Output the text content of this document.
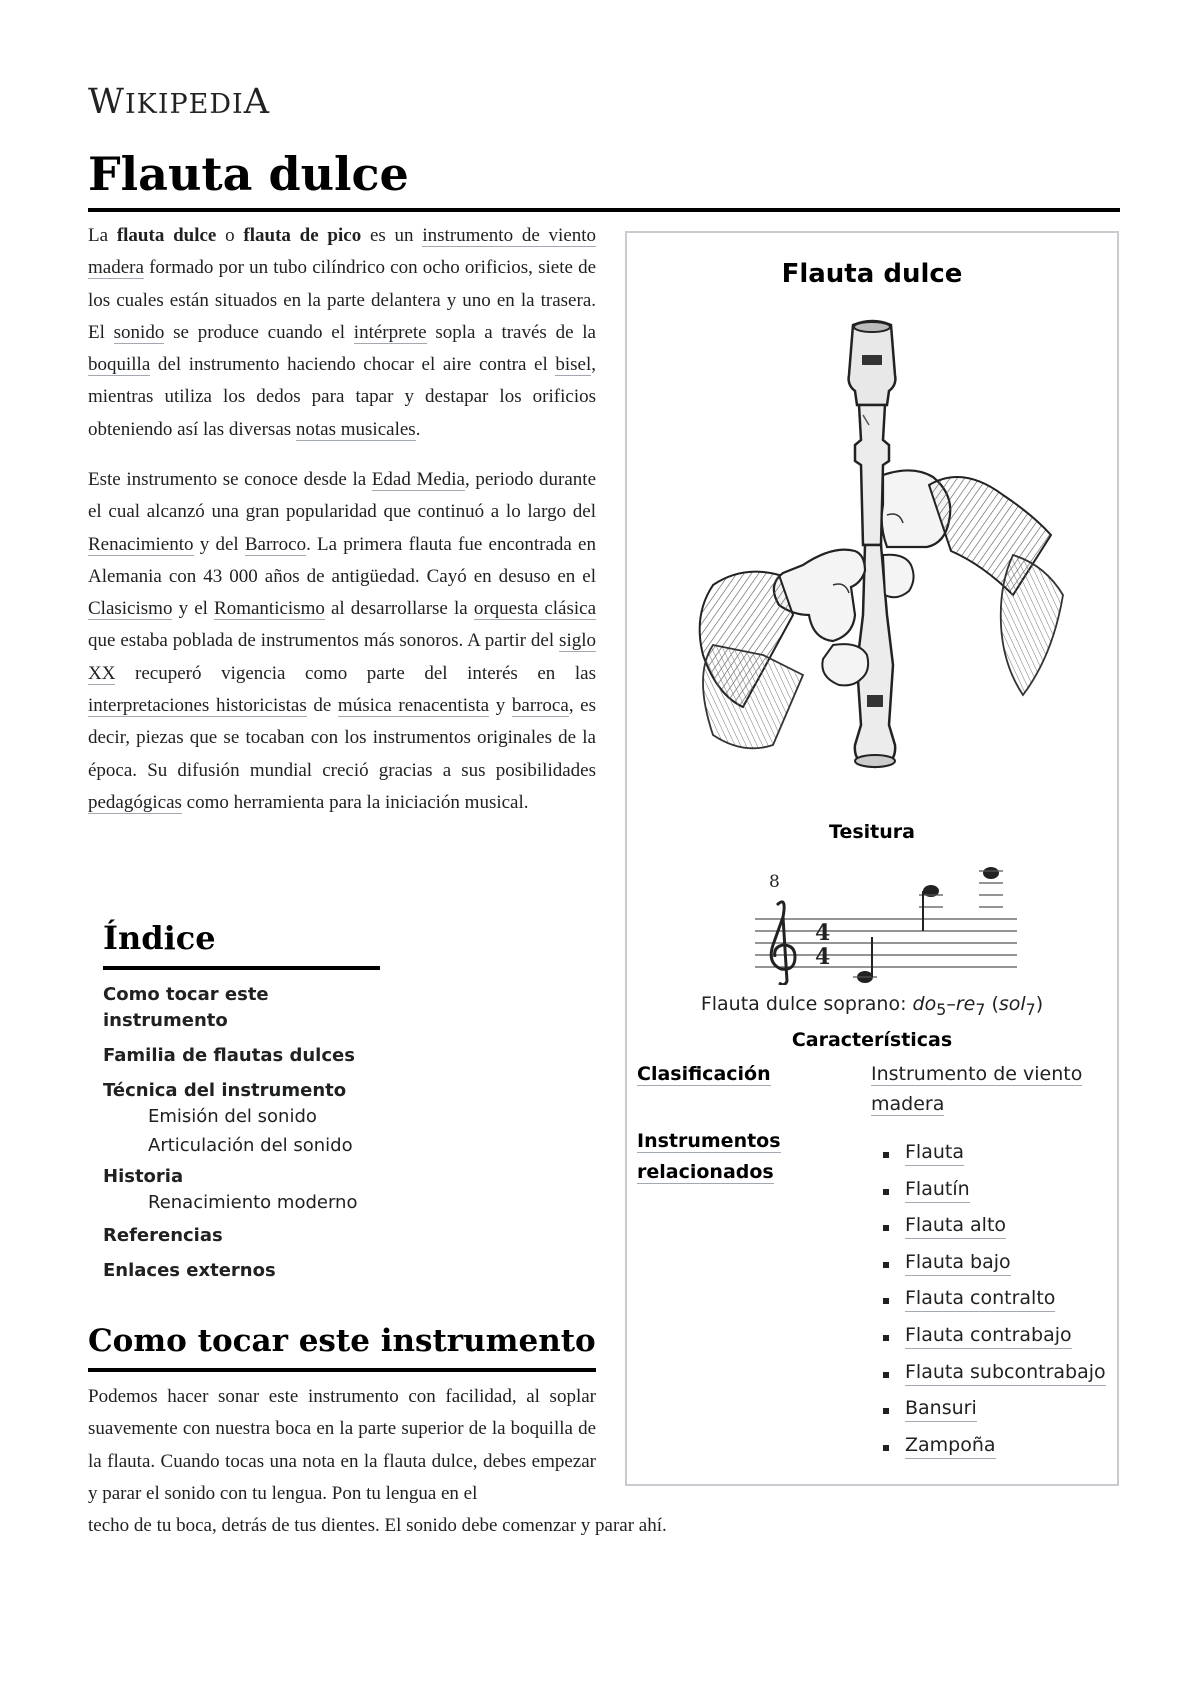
WIKIPEDIA
Flauta dulce

La flauta dulce o flauta de pico es un instrumento de viento madera formado por un tubo cilíndrico con ocho orificios, siete de los cuales están situados en la parte delantera y uno en la trasera. El sonido se produce cuando el intérprete sopla a través de la boquilla del instrumento haciendo chocar el aire contra el bisel, mientras utiliza los dedos para tapar y destapar los orificios obteniendo así las diversas notas musicales.

Este instrumento se conoce desde la Edad Media, periodo durante el cual alcanzó una gran popularidad que continuó a lo largo del Renacimiento y del Barroco. La primera flauta fue encontrada en Alemania con 43 000 años de antigüedad. Cayó en desuso en el Clasicismo y el Romanticismo al desarrollarse la orquesta clásica que estaba poblada de instrumentos más sonoros. A partir del siglo XX recuperó vigencia como parte del interés en las interpretaciones historicistas de música renacentista y barroca, es decir, piezas que se tocaban con los instrumentos originales de la época. Su difusión mundial creció gracias a sus posibilidades pedagógicas como herramienta para la iniciación musical.

Índice
Como tocar este instrumento
Familia de flautas dulces
Técnica del instrumento
Emisión del sonido
Articulación del sonido
Historia
Renacimiento moderno
Referencias
Enlaces externos
Como tocar este instrumento

Podemos hacer sonar este instrumento con facilidad, al soplar suavemente con nuestra boca en la parte superior de la boquilla de la flauta. Cuando tocas una nota en la flauta dulce, debes empezar y parar el sonido con tu lengua. Pon tu lengua en el
techo de tu boca, detrás de tus dientes. El sonido debe comenzar y parar ahí.

Flauta dulce
Tesitura
8
4
4
Flauta dulce soprano: $do_5-re_7$ (sol$_7$)
Características
Clasificación	Instrumento de viento
madera
Instrumentos
relacionados
Flauta
Flautín
Flauta alto
Flauta bajo
Flauta contralto
Flauta contrabajo
Flauta subcontrabajo
Bansuri
Zampoña
